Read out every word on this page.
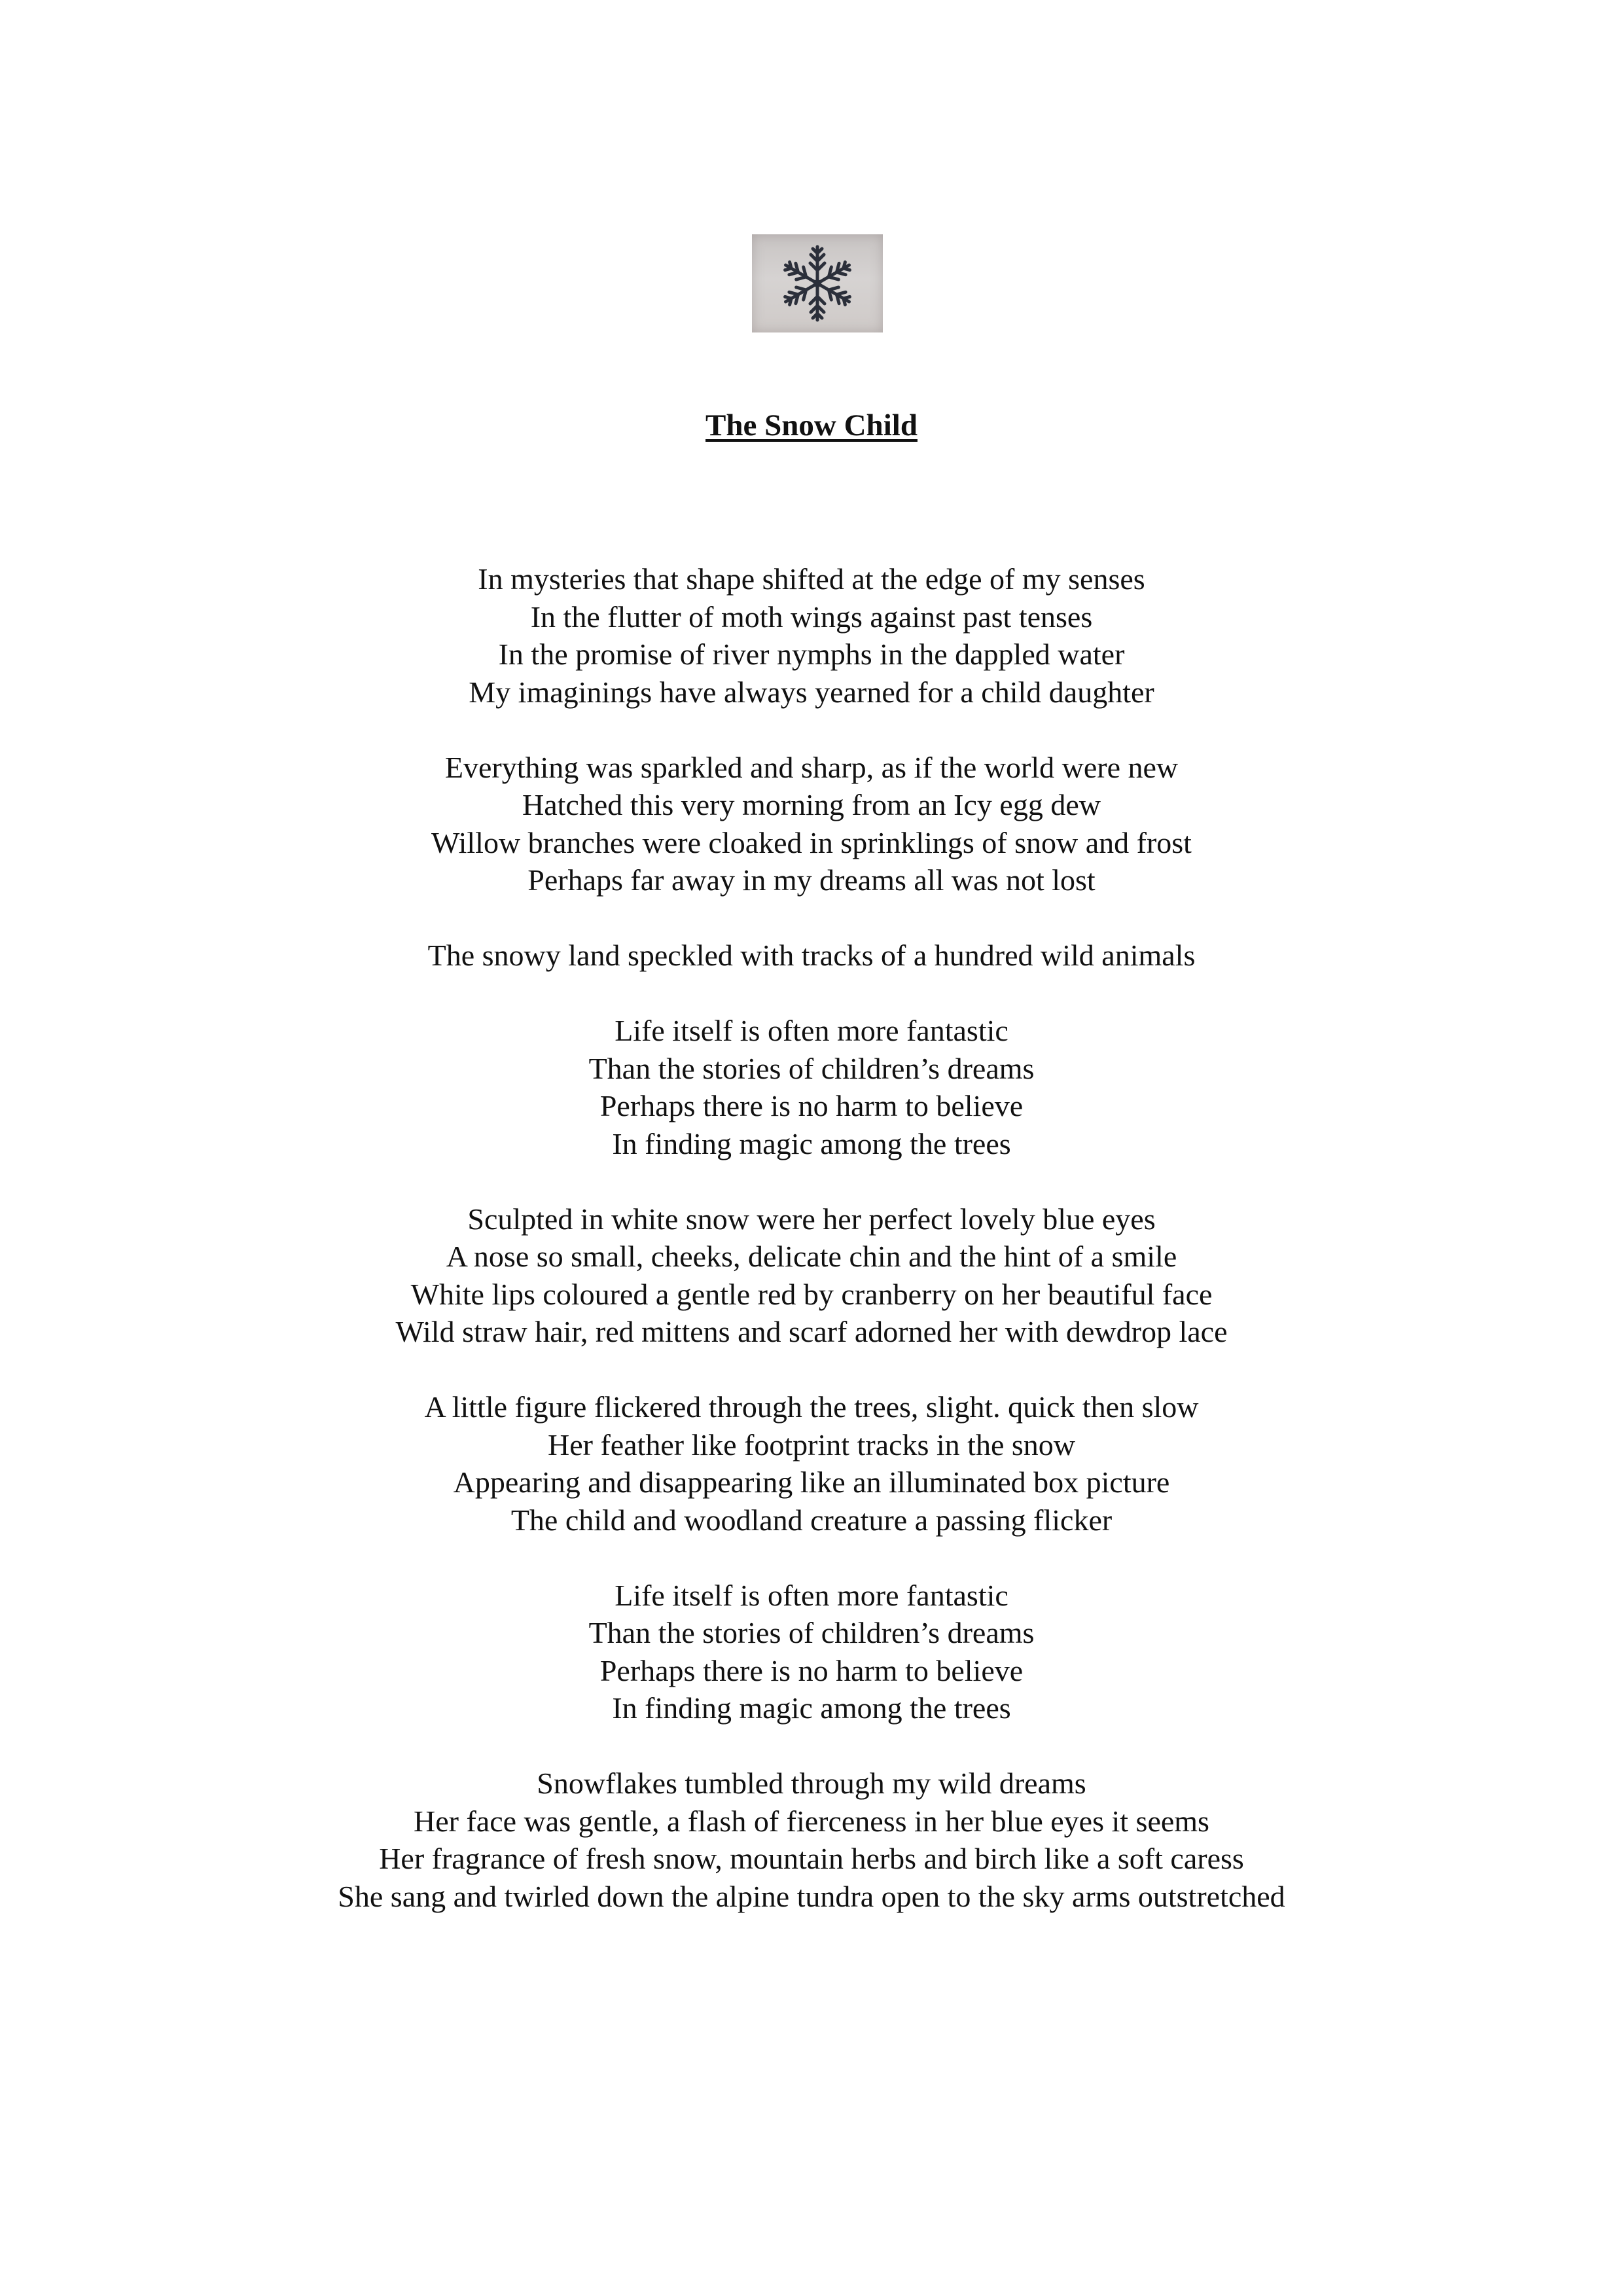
The Snow Child
In mysteries that shape shifted at the edge of my senses
In the flutter of moth wings against past tenses
In the promise of river nymphs in the dappled water
My imaginings have always yearned for a child daughter
Everything was sparkled and sharp, as if the world were new
Hatched this very morning from an Icy egg dew
Willow branches were cloaked in sprinklings of snow and frost
Perhaps far away in my dreams all was not lost
The snowy land speckled with tracks of a hundred wild animals
Life itself is often more fantastic
Than the stories of children’s dreams
Perhaps there is no harm to believe
In finding magic among the trees
Sculpted in white snow were her perfect lovely blue eyes
A nose so small, cheeks, delicate chin and the hint of a smile
White lips coloured a gentle red by cranberry on her beautiful face
Wild straw hair, red mittens and scarf adorned her with dewdrop lace
A little figure flickered through the trees, slight. quick then slow
Her feather like footprint tracks in the snow
Appearing and disappearing like an illuminated box picture
The child and woodland creature a passing flicker
Life itself is often more fantastic
Than the stories of children’s dreams
Perhaps there is no harm to believe
In finding magic among the trees
Snowflakes tumbled through my wild dreams
Her face was gentle, a flash of fierceness in her blue eyes it seems
Her fragrance of fresh snow, mountain herbs and birch like a soft caress
She sang and twirled down the alpine tundra open to the sky arms outstretched
